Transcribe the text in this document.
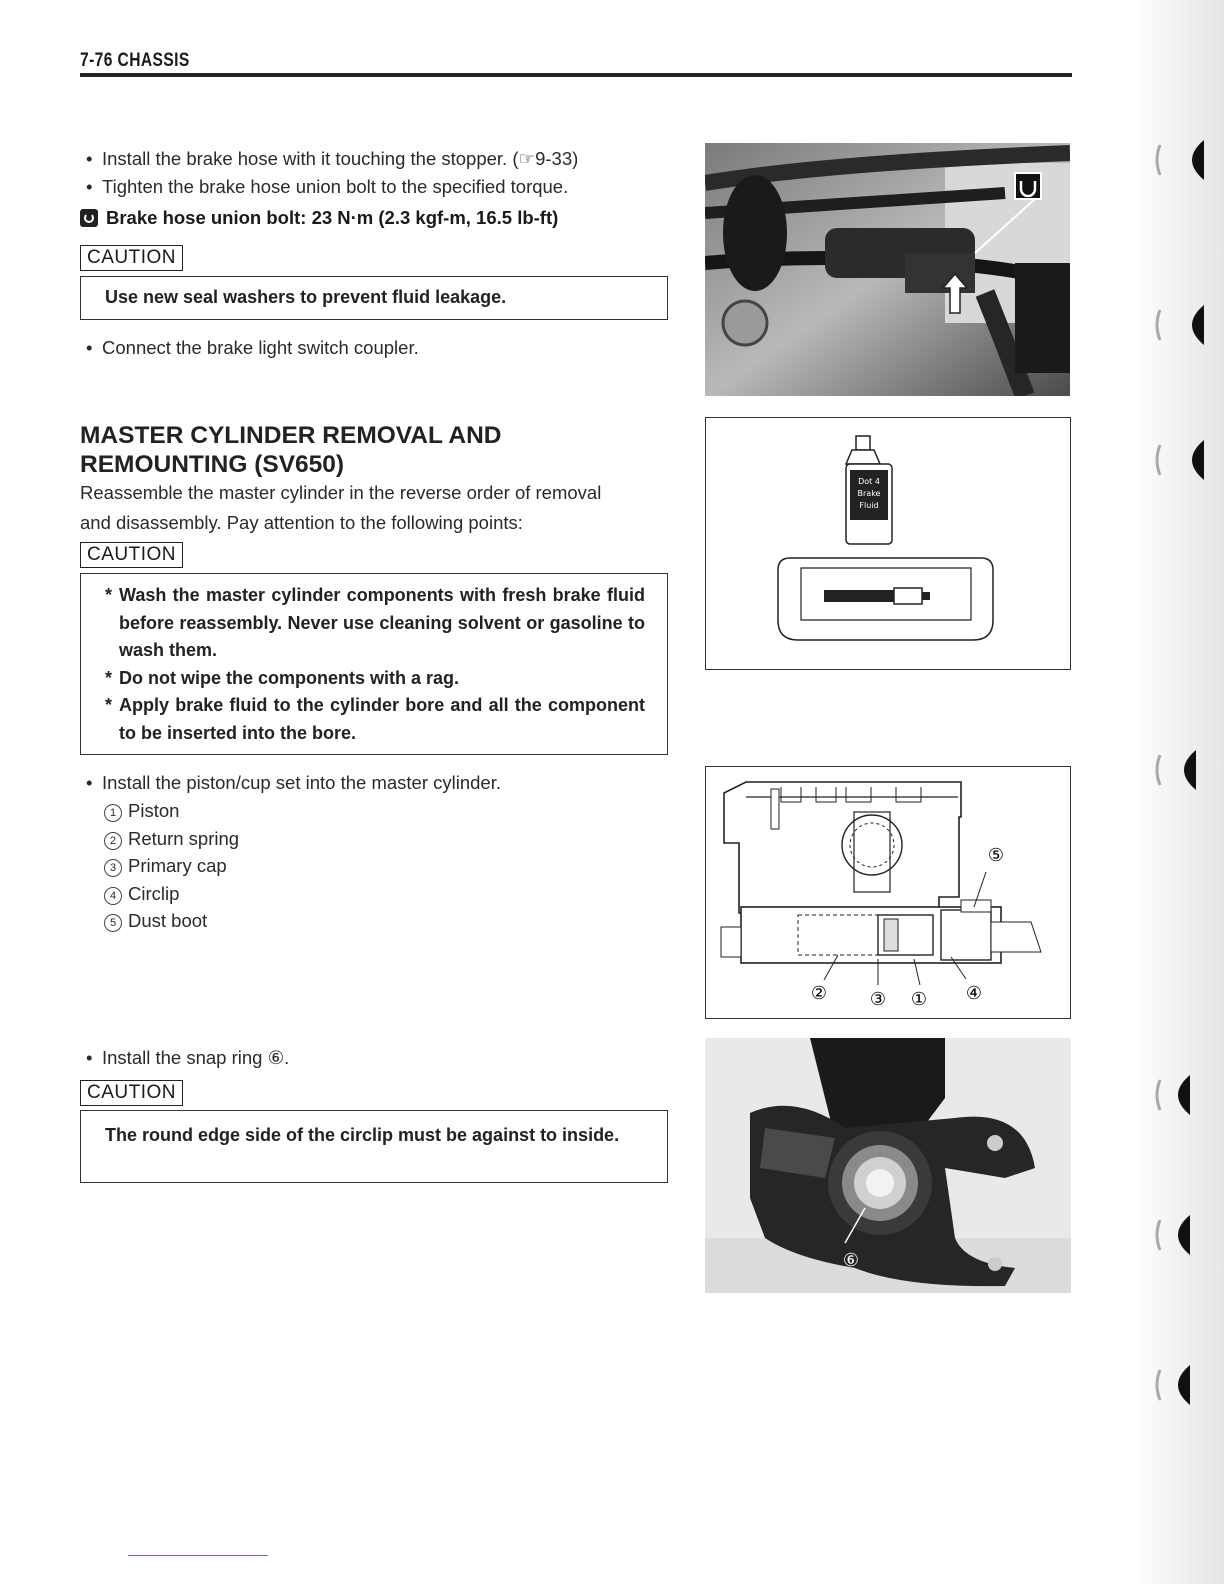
7-76 CHASSIS
• Install the brake hose with it touching the stopper. (☞9-33)
• Tighten the brake hose union bolt to the specified torque.
Brake hose union bolt: 23 N·m (2.3 kgf-m, 16.5 lb-ft)
CAUTION
Use new seal washers to prevent fluid leakage.
• Connect the brake light switch coupler.
MASTER CYLINDER REMOVAL AND
REMOUNTING (SV650)
Reassemble the master cylinder in the reverse order of removal
and disassembly. Pay attention to the following points:
CAUTION
* Wash the master cylinder components with fresh brake fluid before reassembly. Never use cleaning solvent or gasoline to wash them.
* Do not wipe the components with a rag.
* Apply brake fluid to the cylinder bore and all the component to be inserted into the bore.
• Install the piston/cup set into the master cylinder.
1 Piston
2 Return spring
3 Primary cap
4 Circlip
5 Dust boot
• Install the snap ring ⑥.
CAUTION
The round edge side of the circlip must be against to inside.
Dot 4
Brake
Fluid
⑤
② ③ ① ④
⑥
